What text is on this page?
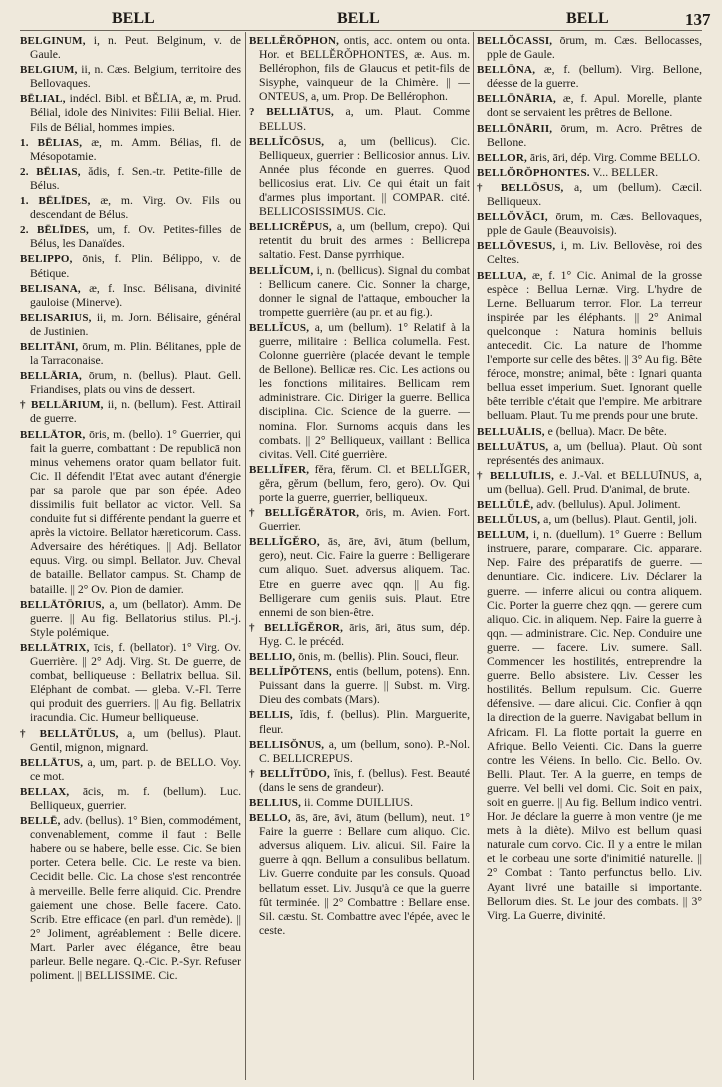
BELL	BELL	BELL	137
BELGINUM, i, n. Peut. Belginum, v. de Gaule.
BELGIUM, ii, n. Cæs. Belgium, territoire des Bellovaques.
BĒLIAL, indécl. Bibl. et BĔLIA, æ, m. Prud. Bélial, idole des Ninivites: Filii Belial. Hier. Fils de Bélial, hommes impies.
1. BĒLIAS, æ, m. Amm. Bélias, fl. de Mésopotamie.
2. BĒLIAS, ădis, f. Sen.-tr. Petite-fille de Bélus.
1. BĒLĪDES, æ, m. Virg. Ov. Fils ou descendant de Bélus.
2. BĒLĪDES, um, f. Ov. Petites-filles de Bélus, les Danaïdes.
BELIPPO, ōnis, f. Plin. Bélippo, v. de Bétique.
BELISANA, æ, f. Insc. Bélisana, divinité gauloise (Minerve).
BELISARIUS, ii, m. Jorn. Bélisaire, général de Justinien.
BELITĀNI, ōrum, m. Plin. Bélitanes, pple de la Tarraconaise.
BELLĀRIA, ōrum, n. (bellus). Plaut. Gell. Friandises, plats ou vins de dessert.
† BELLĀRIUM, ii, n. (bellum). Fest. Attirail de guerre.
BELLĀTOR, ōris, m. (bello). 1° Guerrier, qui fait la guerre, combattant : De republicā non minus vehemens orator quam bellator fuit. Cic. Il défendit l'Etat avec autant d'énergie par sa parole que par son épée. Adeo dissimilis fuit bellator ac victor. Vell. Sa conduite fut si différente pendant la guerre et après la victoire. Bellator hæreticorum. Cass. Adversaire des hérétiques. || Adj. Bellator equus. Virg. ou simpl. Bellator. Juv. Cheval de bataille. Bellator campus. St. Champ de bataille. || 2° Ov. Pion de damier.
BELLĀTŌRIUS, a, um (bellator). Amm. De guerre. || Au fig. Bellatorius stilus. Pl.-j. Style polémique.
BELLĀTRIX, īcis, f. (bellator). 1° Virg. Ov. Guerrière. || 2° Adj. Virg. St. De guerre, de combat, belliqueuse : Bellatrix bellua. Sil. Eléphant de combat. — gleba. V.-Fl. Terre qui produit des guerriers. || Au fig. Bellatrix iracundia. Cic. Humeur belliqueuse.
† BELLĀTŬLUS, a, um (bellus). Plaut. Gentil, mignon, mignard.
BELLĀTUS, a, um, part. p. de BELLO. Voy. ce mot.
BELLAX, ācis, m. f. (bellum). Luc. Belliqueux, guerrier.
BELLĒ, adv. (bellus). 1° Bien, commodément, convenablement, comme il faut : Belle habere ou se habere, belle esse. Cic. Se bien porter. Cetera belle. Cic. Le reste va bien. Cecidit belle. Cic. La chose s'est rencontrée à merveille. Belle ferre aliquid. Cic. Prendre gaiement une chose. Belle facere. Cato. Scrib. Etre efficace (en parl. d'un remède). || 2° Joliment, agréablement : Belle dicere. Mart. Parler avec élégance, être beau parleur. Belle negare. Q.-Cic. P.-Syr. Refuser poliment. || BELLISSIME. Cic.
BELLĔRŎPHON, ontis, acc. ontem ou onta. Hor. et BELLĔRŎPHONTES, æ. Aus. m. Bellérophon, fils de Glaucus et petit-fils de Sisyphe, vainqueur de la Chimère. || — ONTEUS, a, um. Prop. De Bellérophon.
? BELLIĀTUS, a, um. Plaut. Comme BELLUS.
BELLĬCŌSUS, a, um (bellicus). Cic. Belliqueux, guerrier : Bellicosior annus. Liv. Année plus féconde en guerres. Quod bellicosius erat. Liv. Ce qui était un fait d'armes plus important. || COMPAR. cité. BELLICOSISSIMUS. Cic.
BELLICRĔPUS, a, um (bellum, crepo). Qui retentit du bruit des armes : Bellicrepa saltatio. Fest. Danse pyrrhique.
BELLĬCUM, i, n. (bellicus). Signal du combat : Bellicum canere. Cic. Sonner la charge, donner le signal de l'attaque, emboucher la trompette guerrière (au pr. et au fig.).
BELLĬCUS, a, um (bellum). 1° Relatif à la guerre, militaire : Bellica columella. Fest. Colonne guerrière (placée devant le temple de Bellone). Bellicæ res. Cic. Les actions ou les fonctions militaires. Bellicam rem administrare. Cic. Diriger la guerre. Bellica disciplina. Cic. Science de la guerre. — nomina. Flor. Surnoms acquis dans les combats. || 2° Belliqueux, vaillant : Bellica civitas. Vell. Cité guerrière.
BELLĬFER, fĕra, fĕrum. Cl. et BELLĬGER, gĕra, gĕrum (bellum, fero, gero). Ov. Qui porte la guerre, guerrier, belliqueux.
† BELLĬGĔRĀTOR, ōris, m. Avien. Fort. Guerrier.
BELLĬGĔRO, ās, āre, āvi, ātum (bellum, gero), neut. Cic. Faire la guerre : Belligerare cum aliquo. Suet. adversus aliquem. Tac. Etre en guerre avec qqn. || Au fig. Belligerare cum geniis suis. Plaut. Etre ennemi de son bien-être.
† BELLĬGĔROR, āris, āri, ātus sum, dép. Hyg. C. le précéd.
BELLIO, ōnis, m. (bellis). Plin. Souci, fleur.
BELLĬPŎTENS, entis (bellum, potens). Enn. Puissant dans la guerre. || Subst. m. Virg. Dieu des combats (Mars).
BELLIS, ĭdis, f. (bellus). Plin. Marguerite, fleur.
BELLISŎNUS, a, um (bellum, sono). P.-Nol. C. BELLICREPUS.
† BELLĬTŪDO, ĭnis, f. (bellus). Fest. Beauté (dans le sens de grandeur).
BELLIUS, ii. Comme DUILLIUS.
BELLO, ās, āre, āvi, ātum (bellum), neut. 1° Faire la guerre : Bellare cum aliquo. Cic. adversus aliquem. Liv. alicui. Sil. Faire la guerre à qqn. Bellum a consulibus bellatum. Liv. Guerre conduite par les consuls. Quoad bellatum esset. Liv. Jusqu'à ce que la guerre fût terminée. || 2° Combattre : Bellare ense. Sil. cæstu. St. Combattre avec l'épée, avec le ceste.
BELLŎCASSI, ōrum, m. Cæs. Bellocasses, pple de Gaule.
BELLŌNA, æ, f. (bellum). Virg. Bellone, déesse de la guerre.
BELLŌNĀRIA, æ, f. Apul. Morelle, plante dont se servaient les prêtres de Bellone.
BELLŌNĀRII, ōrum, m. Acro. Prêtres de Bellone.
BELLOR, āris, āri, dép. Virg. Comme BELLO.
BELLŎRŎPHONTES. V... BELLER.
† BELLŌSUS, a, um (bellum). Cæcil. Belliqueux.
BELLŎVĂCI, ōrum, m. Cæs. Bellovaques, pple de Gaule (Beauvoisis).
BELLŎVESUS, i, m. Liv. Bellovèse, roi des Celtes.
BELLUA, æ, f. 1° Cic. Animal de la grosse espèce : Bellua Lernæ. Virg. L'hydre de Lerne. Belluarum terror. Flor. La terreur inspirée par les éléphants. || 2° Animal quelconque : Natura hominis belluis antecedit. Cic. La nature de l'homme l'emporte sur celle des bêtes. || 3° Au fig. Bête féroce, monstre; animal, bête : Ignari quanta bellua esset imperium. Suet. Ignorant quelle bête terrible c'était que l'empire. Me arbitrare belluam. Plaut. Tu me prends pour une brute.
BELLUĀLIS, e (bellua). Macr. De bête.
BELLUĀTUS, a, um (bellua). Plaut. Où sont représentés des animaux.
† BELLUĪLIS, e. J.-Val. et BELLUĪNUS, a, um (bellua). Gell. Prud. D'animal, de brute.
BELLŬLĒ, adv. (bellulus). Apul. Joliment.
BELLŬLUS, a, um (bellus). Plaut. Gentil, joli.
BELLUM, i, n. (duellum). 1° Guerre : Bellum instruere, parare, comparare. Cic. apparare. Nep. Faire des préparatifs de guerre. — denuntiare. Cic. indicere. Liv. Déclarer la guerre. — inferre alicui ou contra aliquem. Cic. Porter la guerre chez qqn. — gerere cum aliquo. Cic. in aliquem. Nep. Faire la guerre à qqn. — administrare. Cic. Nep. Conduire une guerre. — facere. Liv. sumere. Sall. Commencer les hostilités, entreprendre la guerre. Bello absistere. Liv. Cesser les hostilités. Bellum repulsum. Cic. Guerre défensive. — dare alicui. Cic. Confier à qqn la direction de la guerre. Navigabat bellum in Africam. Fl. La flotte portait la guerre en Afrique. Bello Veienti. Cic. Dans la guerre contre les Véiens. In bello. Cic. Bello. Ov. Belli. Plaut. Ter. A la guerre, en temps de guerre. Vel belli vel domi. Cic. Soit en paix, soit en guerre. || Au fig. Bellum indico ventri. Hor. Je déclare la guerre à mon ventre (je me mets à la diète). Milvo est bellum quasi naturale cum corvo. Cic. Il y a entre le milan et le corbeau une sorte d'inimitié naturelle. || 2° Combat : Tanto perfunctus bello. Liv. Ayant livré une bataille si importante. Bellorum dies. St. Le jour des combats. || 3° Virg. La Guerre, divinité.
